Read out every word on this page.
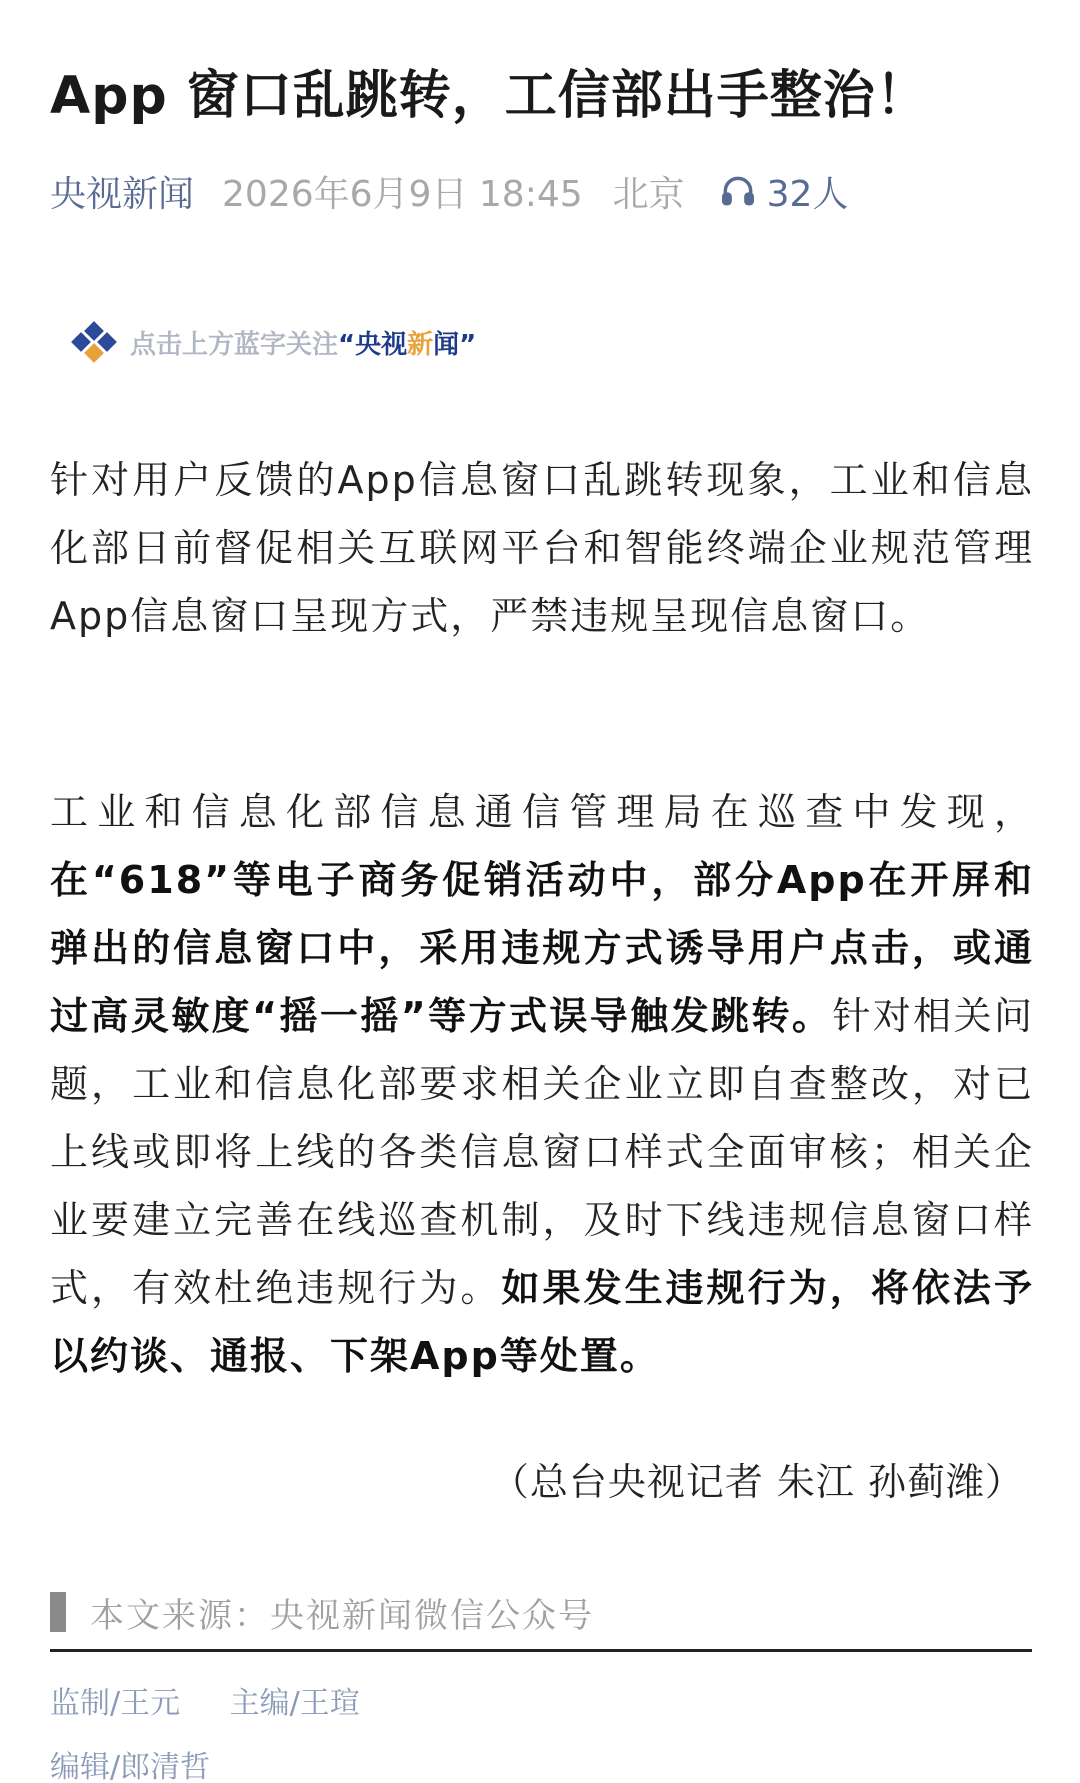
App 窗口乱跳转，工信部出手整治！
央视新闻 2026年6月9日 18:45 北京 32人
点击上方蓝字关注 “央视 新 闻”

针对用户反馈的App信息窗口乱跳转现象，工业和信息化部日前督促相关互联网平台和智能终端企业规范管理App信息窗口呈现方式，严禁违规呈现信息窗口。

工业和信息化部信息通信管理局在巡查中发现，在“618”等电子商务促销活动中，部分App在开屏和弹出的信息窗口中，采用违规方式诱导用户点击，或通过高灵敏度“摇一摇”等方式误导触发跳转。针对相关问题，工业和信息化部要求相关企业立即自查整改，对已上线或即将上线的各类信息窗口样式全面审核；相关企业要建立完善在线巡查机制，及时下线违规信息窗口样式，有效杜绝违规行为。如果发生违规行为，将依法予以约谈、通报、下架App等处置。

（总台央视记者 朱江 孙蓟潍）
本文来源：央视新闻微信公众号
监制/王元 主编/王瑄
编辑/郎清哲
